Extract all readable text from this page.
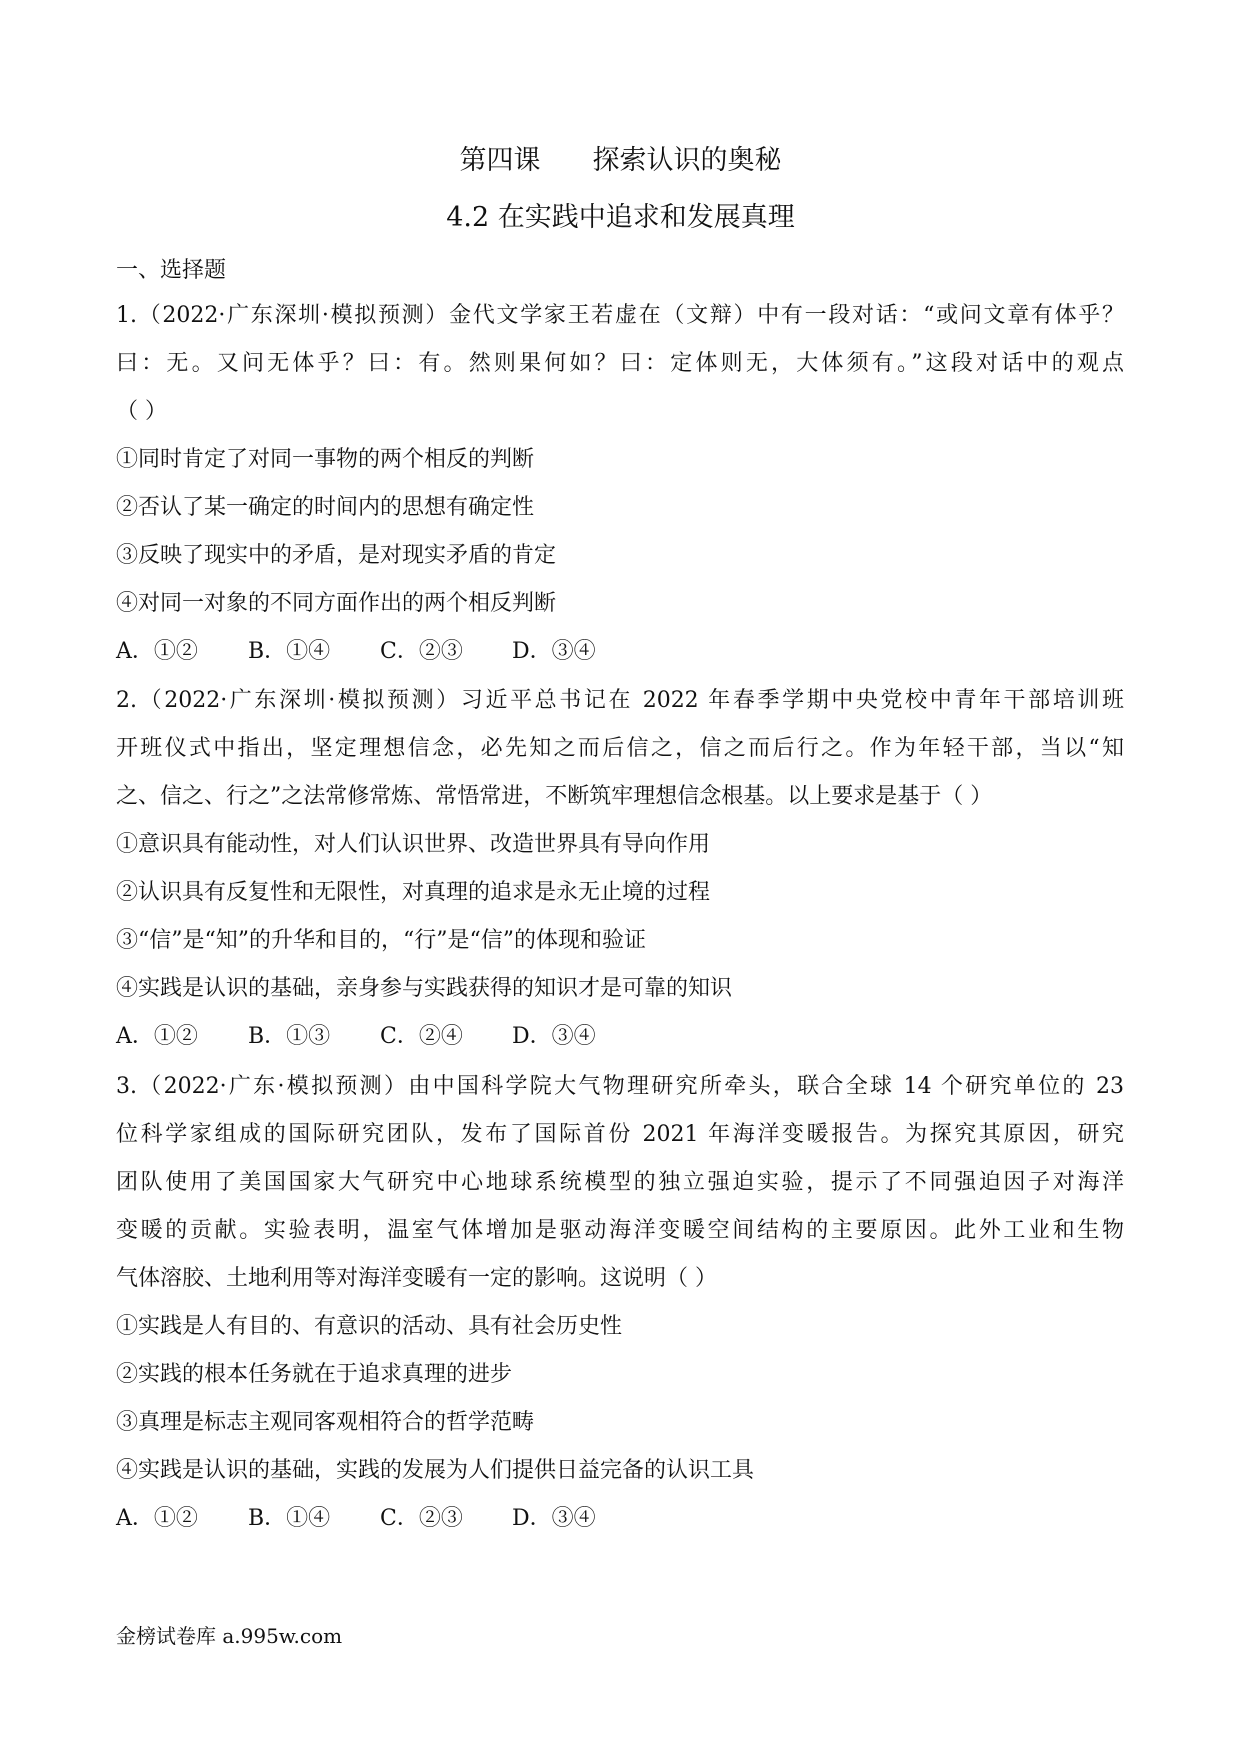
第四课 探索认识的奥秘
4.2 在实践中追求和发展真理
一、选择题
1.（2022·广东深圳·模拟预测）金代文学家王若虚在（文辩）中有一段对话：“或问文章有体乎？
曰：无。又问无体乎？曰：有。然则果何如？曰：定体则无，大体须有。”这段对话中的观点
（ ）
①同时肯定了对同一事物的两个相反的判断
②否认了某一确定的时间内的思想有确定性
③反映了现实中的矛盾，是对现实矛盾的肯定
④对同一对象的不同方面作出的两个相反判断
A．①② B．①④ C．②③ D．③④
2.（2022·广东深圳·模拟预测）习近平总书记在 2022 年春季学期中央党校中青年干部培训班
开班仪式中指出，坚定理想信念，必先知之而后信之，信之而后行之。作为年轻干部，当以“知
之、信之、行之”之法常修常炼、常悟常进，不断筑牢理想信念根基。以上要求是基于（ ）
①意识具有能动性，对人们认识世界、改造世界具有导向作用
②认识具有反复性和无限性，对真理的追求是永无止境的过程
③“信”是“知”的升华和目的，“行”是“信”的体现和验证
④实践是认识的基础，亲身参与实践获得的知识才是可靠的知识
A．①② B．①③ C．②④ D．③④
3.（2022·广东·模拟预测）由中国科学院大气物理研究所牵头，联合全球 14 个研究单位的 23
位科学家组成的国际研究团队，发布了国际首份 2021 年海洋变暖报告。为探究其原因，研究
团队使用了美国国家大气研究中心地球系统模型的独立强迫实验，提示了不同强迫因子对海洋
变暖的贡献。实验表明，温室气体增加是驱动海洋变暖空间结构的主要原因。此外工业和生物
气体溶胶、土地利用等对海洋变暖有一定的影响。这说明（ ）
①实践是人有目的、有意识的活动、具有社会历史性
②实践的根本任务就在于追求真理的进步
③真理是标志主观同客观相符合的哲学范畴
④实践是认识的基础，实践的发展为人们提供日益完备的认识工具
A．①② B．①④ C．②③ D．③④
金榜试卷库 a.995w.com
